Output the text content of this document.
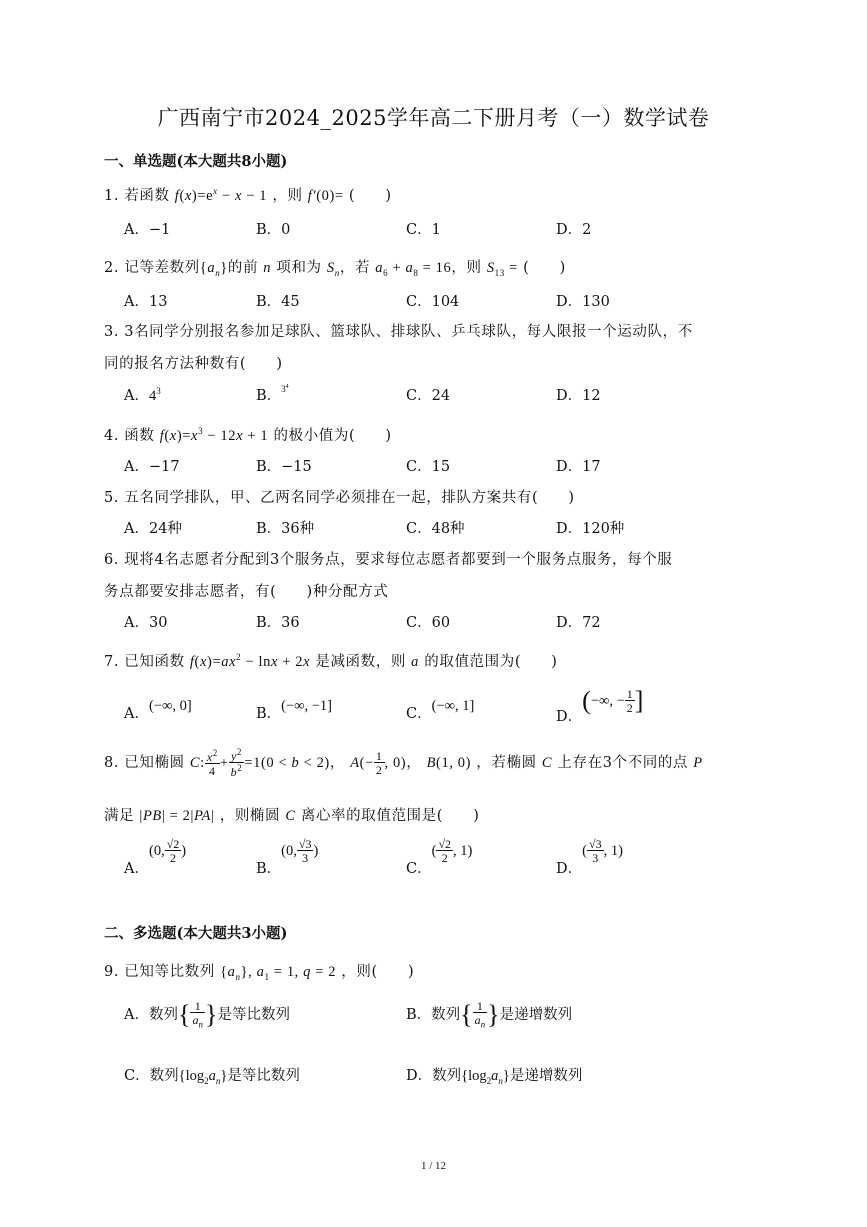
广西南宁市2024_2025学年高二下册月考（一）数学试卷
一、单选题(本大题共8小题)
1. 若函数 $f(x)=e^x - x - 1$ ，则 f′(0)= (　　)
A．−1	B．0	C．1	D．2
2. 记等差数列$\{a_n\}$的前 n 项和为 $S_n$，若 $a_6 + a_8 = 16$，则 $S_{13}$ = (　　)
A．13	B．45	C．104	D．130
3. 3名同学分别报名参加足球队、篮球队、排球队、乒乓球队，每人限报一个运动队，不
同的报名方法种数有(　　)
A．$4^3$	B．$^{3^4}$
C．24	D．12
4. 函数 $f(x)=x^3 - 12x + 1$ 的极小值为(　　)
A．−17	B．−15	C．15	D．17
5. 五名同学排队，甲、乙两名同学必须排在一起，排队方案共有(　　)
A．24种	B．36种	C．48种	D．120种
6. 现将4名志愿者分配到3个服务点，要求每位志愿者都要到一个服务点服务，每个服
务点都要安排志愿者，有(　　)种分配方式
A．30	B．36	C．60	D．72
7. 已知函数 $f(x)=ax^2 - \ln x + 2x$ 是减函数，则 a 的取值范围为(　　)
A．(−∞, 0]	B．(−∞, −1]	C．(−∞, 1]
D．(−∞, − $\frac{1}{2}$ ]
8. 已知椭圆 C: $\frac{x^2}{4} + \frac{y^2}{b^2} =1(0 < b < 2)$， $A(- \frac{1}{2}$ , 0)， B(1, 0) ，若椭圆 C 上存在3个不同的点 P
满足 |PB| = 2|PA| ，则椭圆 C 离心率的取值范围是(　　)
A．(0, $\frac{√2}{2}$ )
B．(0, $\frac{√3}{3}$ )
C．( $\frac{√2}{2}$ , 1)
D．( $\frac{√3}{3}$ , 1)
二、多选题(本大题共3小题)
9. 已知等比数列 $\{a_n\}$, $a_1 = 1$, q = 2 ，则(　　)
A．数列{ $\frac{1}{a_n}$ }是等比数列	B．数列{ $\frac{1}{a_n}$ }是递增数列
C．数列$\{\log_2a_n\}$是等比数列	D．数列$\{\log_2a_n\}$是递增数列
1 / 12
